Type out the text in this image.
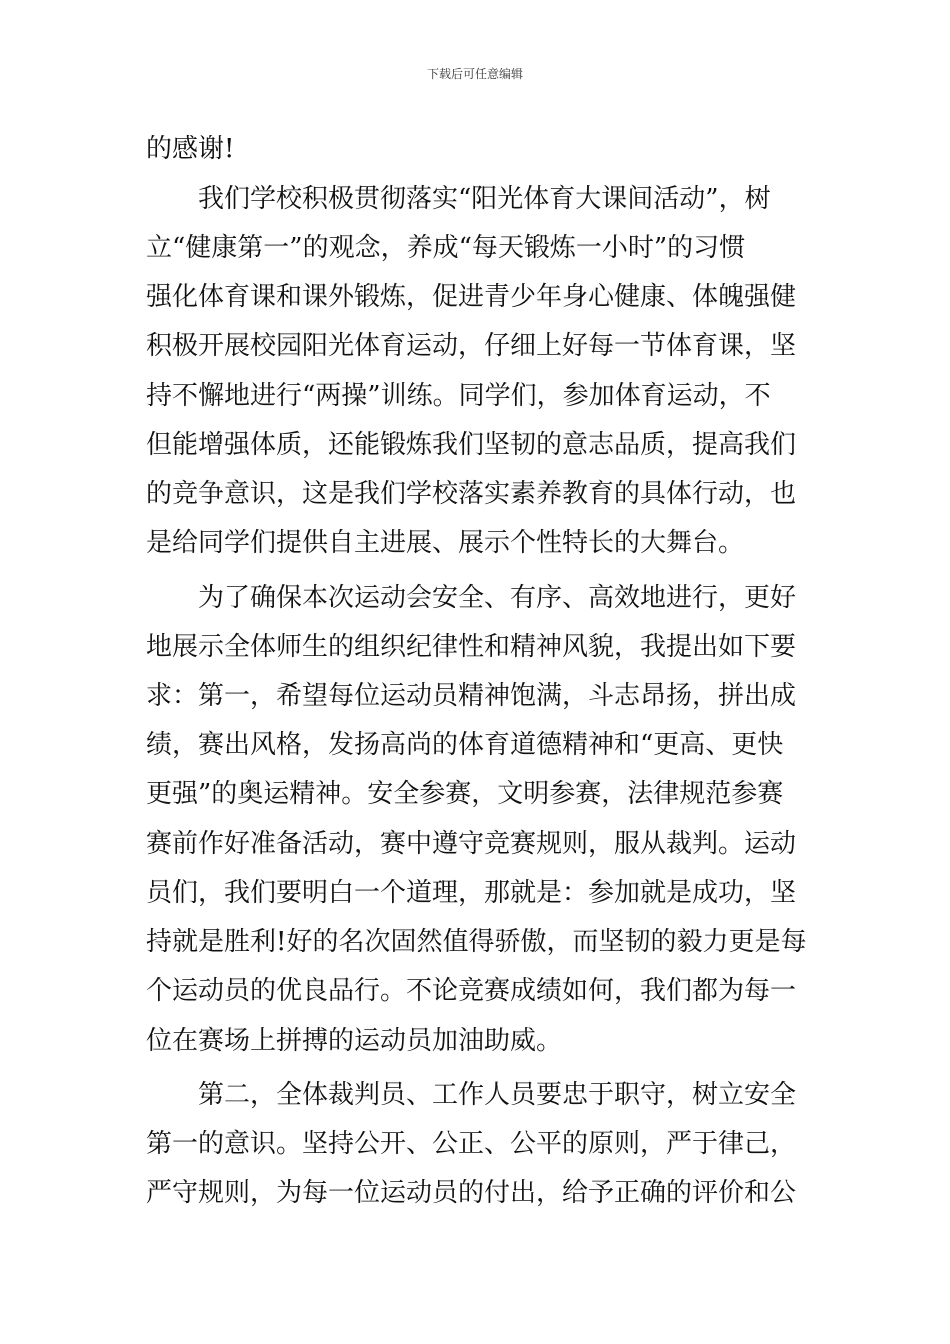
下载后可任意编辑
的感谢!
我们学校积极贯彻落实“阳光体育大课间活动”，树
立“健康第一”的观念，养成“每天锻炼一小时”的习惯
强化体育课和课外锻炼，促进青少年身心健康、体魄强健
积极开展校园阳光体育运动，仔细上好每一节体育课，坚
持不懈地进行“两操”训练。同学们，参加体育运动，不
但能增强体质，还能锻炼我们坚韧的意志品质，提高我们
的竞争意识，这是我们学校落实素养教育的具体行动，也
是给同学们提供自主进展、展示个性特长的大舞台。
为了确保本次运动会安全、有序、高效地进行，更好
地展示全体师生的组织纪律性和精神风貌，我提出如下要
求：第一，希望每位运动员精神饱满，斗志昂扬，拼出成
绩，赛出风格，发扬高尚的体育道德精神和“更高、更快
更强”的奥运精神。安全参赛，文明参赛，法律规范参赛
赛前作好准备活动，赛中遵守竞赛规则，服从裁判。运动
员们，我们要明白一个道理，那就是：参加就是成功，坚
持就是胜利!好的名次固然值得骄傲，而坚韧的毅力更是每
个运动员的优良品行。不论竞赛成绩如何，我们都为每一
位在赛场上拼搏的运动员加油助威。
第二，全体裁判员、工作人员要忠于职守，树立安全
第一的意识。坚持公开、公正、公平的原则，严于律己，
严守规则，为每一位运动员的付出，给予正确的评价和公
